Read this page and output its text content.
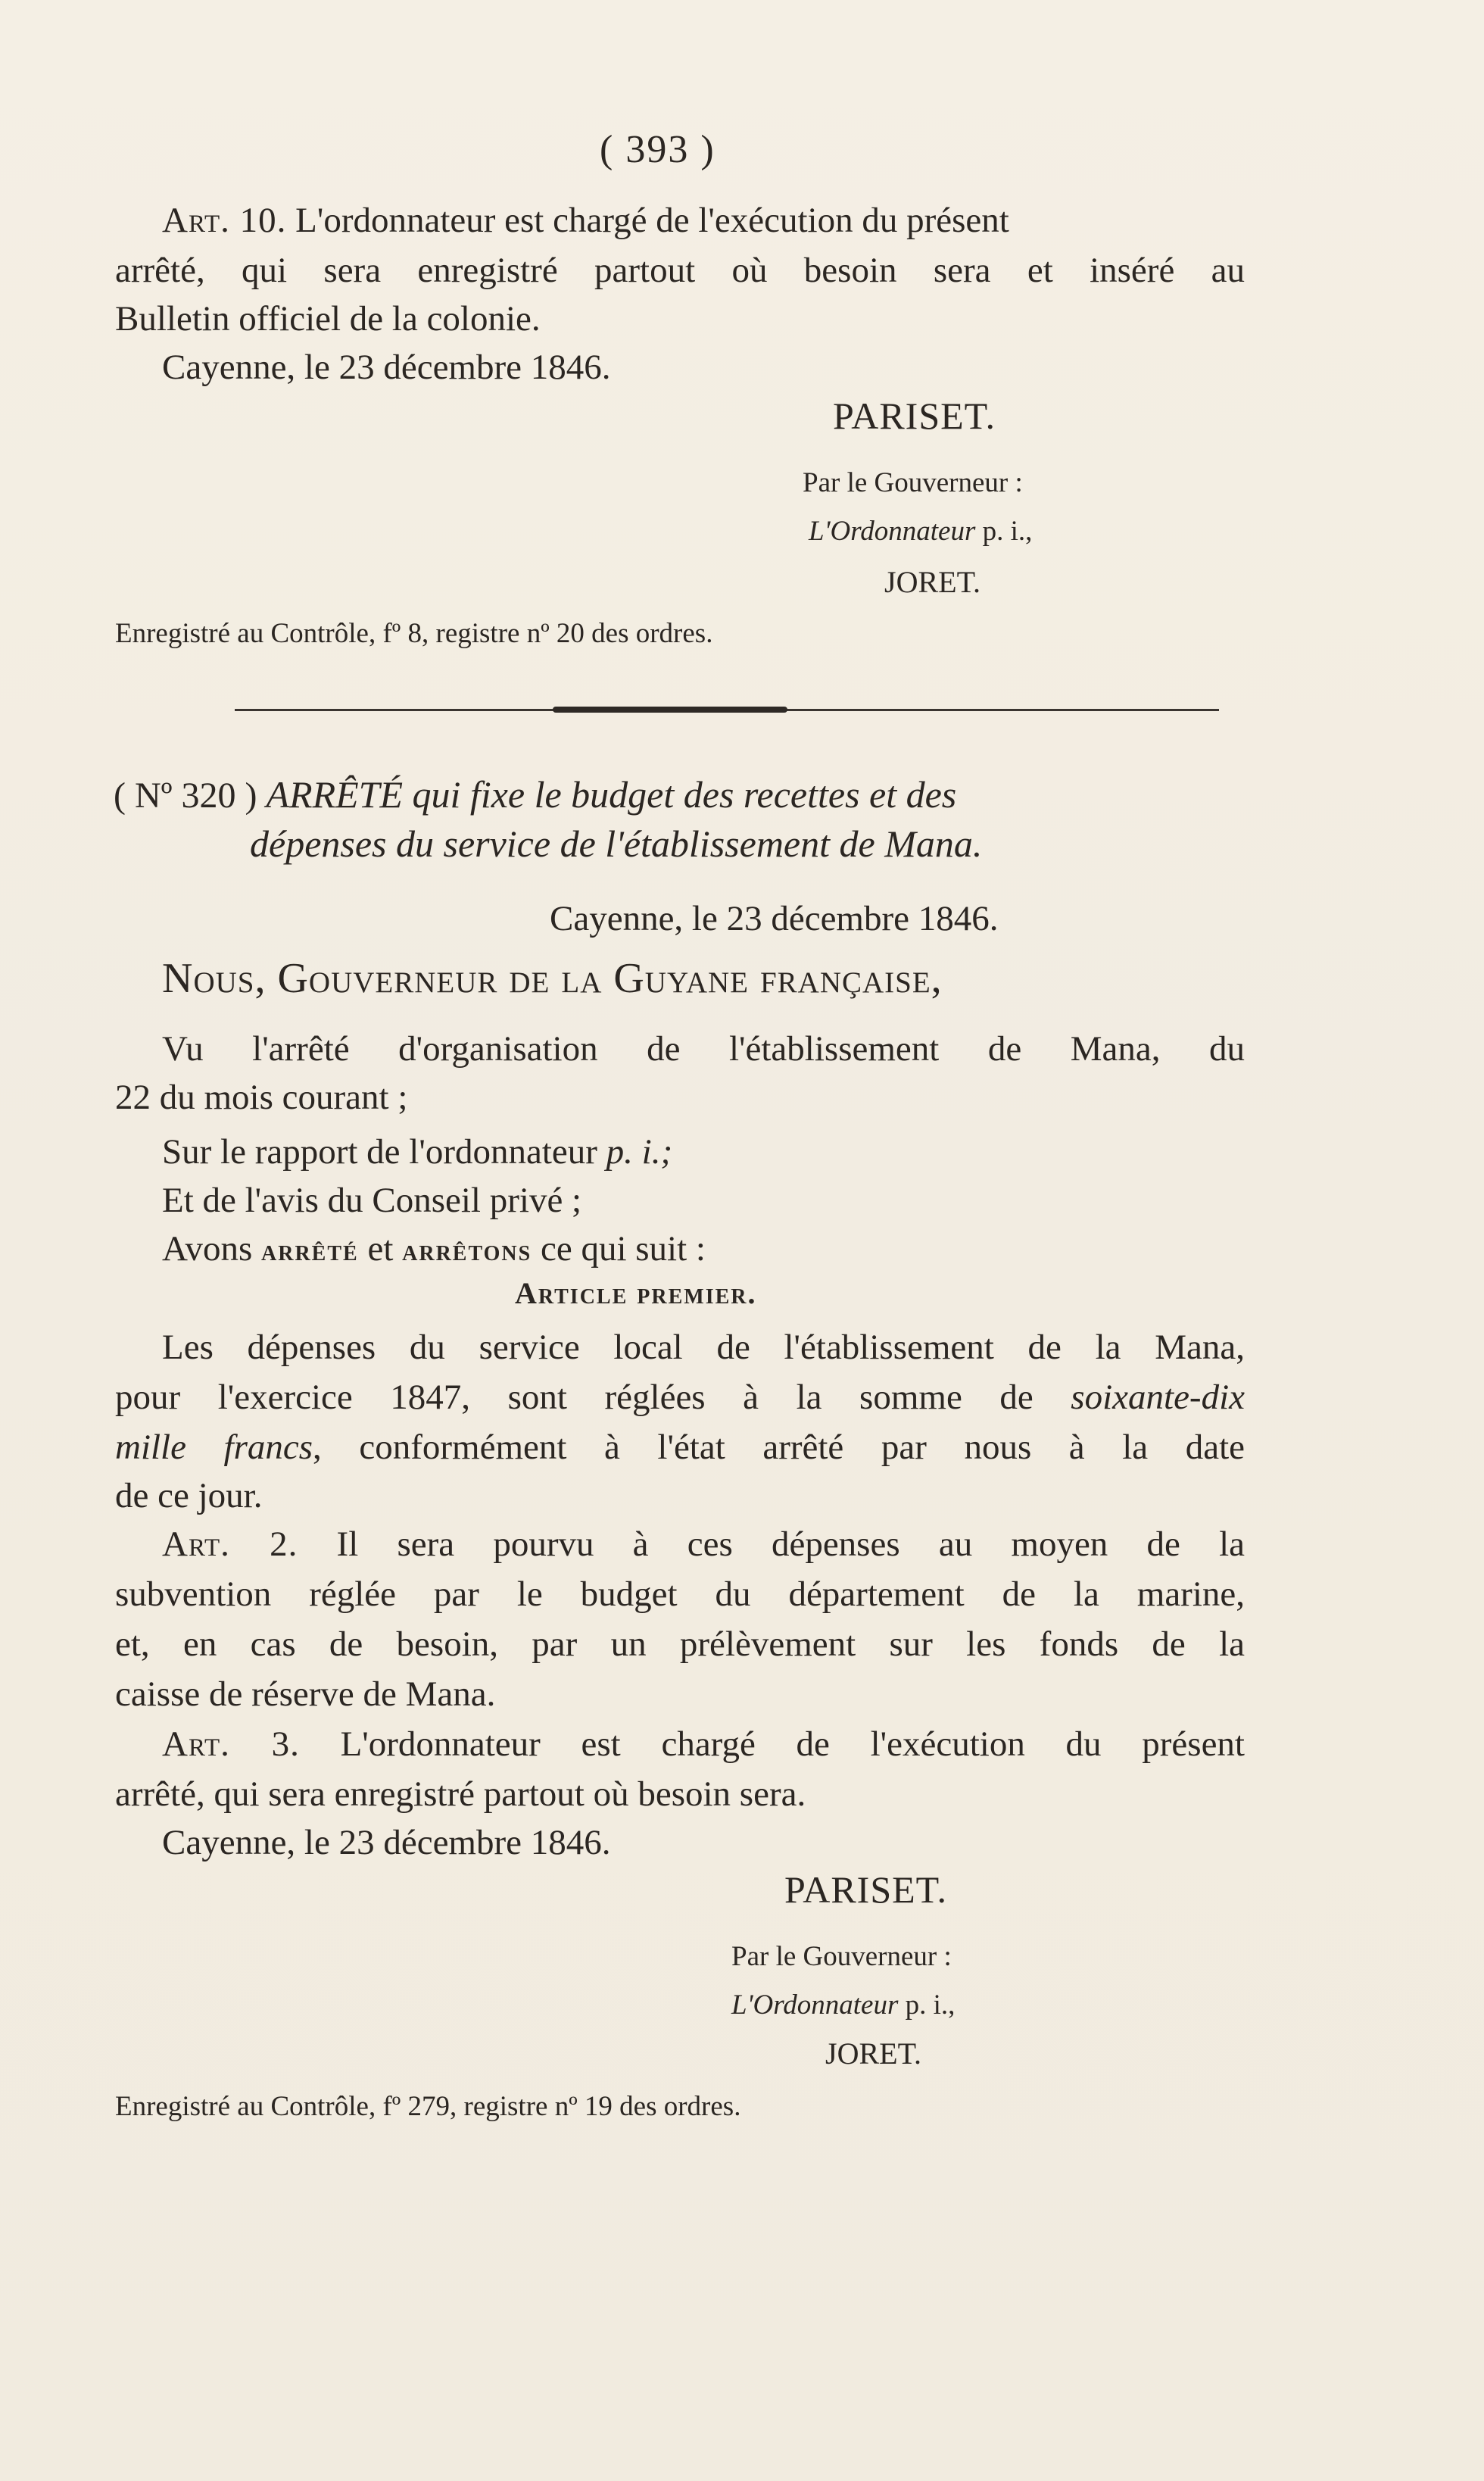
( 393 )
Art. 10. L'ordonnateur est chargé de l'exécution du présent
arrêté, qui sera enregistré partout où besoin sera et inséré au
Bulletin officiel de la colonie.
Cayenne, le 23 décembre 1846.
PARISET.
Par le Gouverneur :
L'Ordonnateur p. i.,
JORET.
Enregistré au Contrôle, fº 8, registre nº 20 des ordres.
( Nº 320 ) ARRÊTÉ qui fixe le budget des recettes et des
dépenses du service de l'établissement de Mana.
Cayenne, le 23 décembre 1846.
Nous, Gouverneur de la Guyane française,
Vu l'arrêté d'organisation de l'établissement de Mana, du
22 du mois courant ;
Sur le rapport de l'ordonnateur p. i.;
Et de l'avis du Conseil privé ;
Avons arrêté et arrêtons ce qui suit :
Article premier.
Les dépenses du service local de l'établissement de la Mana,
pour l'exercice 1847, sont réglées à la somme de soixante-dix
mille francs, conformément à l'état arrêté par nous à la date
de ce jour.
Art. 2. Il sera pourvu à ces dépenses au moyen de la
subvention réglée par le budget du département de la marine,
et, en cas de besoin, par un prélèvement sur les fonds de la
caisse de réserve de Mana.
Art. 3. L'ordonnateur est chargé de l'exécution du présent
arrêté, qui sera enregistré partout où besoin sera.
Cayenne, le 23 décembre 1846.
PARISET.
Par le Gouverneur :
L'Ordonnateur p. i.,
JORET.
Enregistré au Contrôle, fº 279, registre nº 19 des ordres.
